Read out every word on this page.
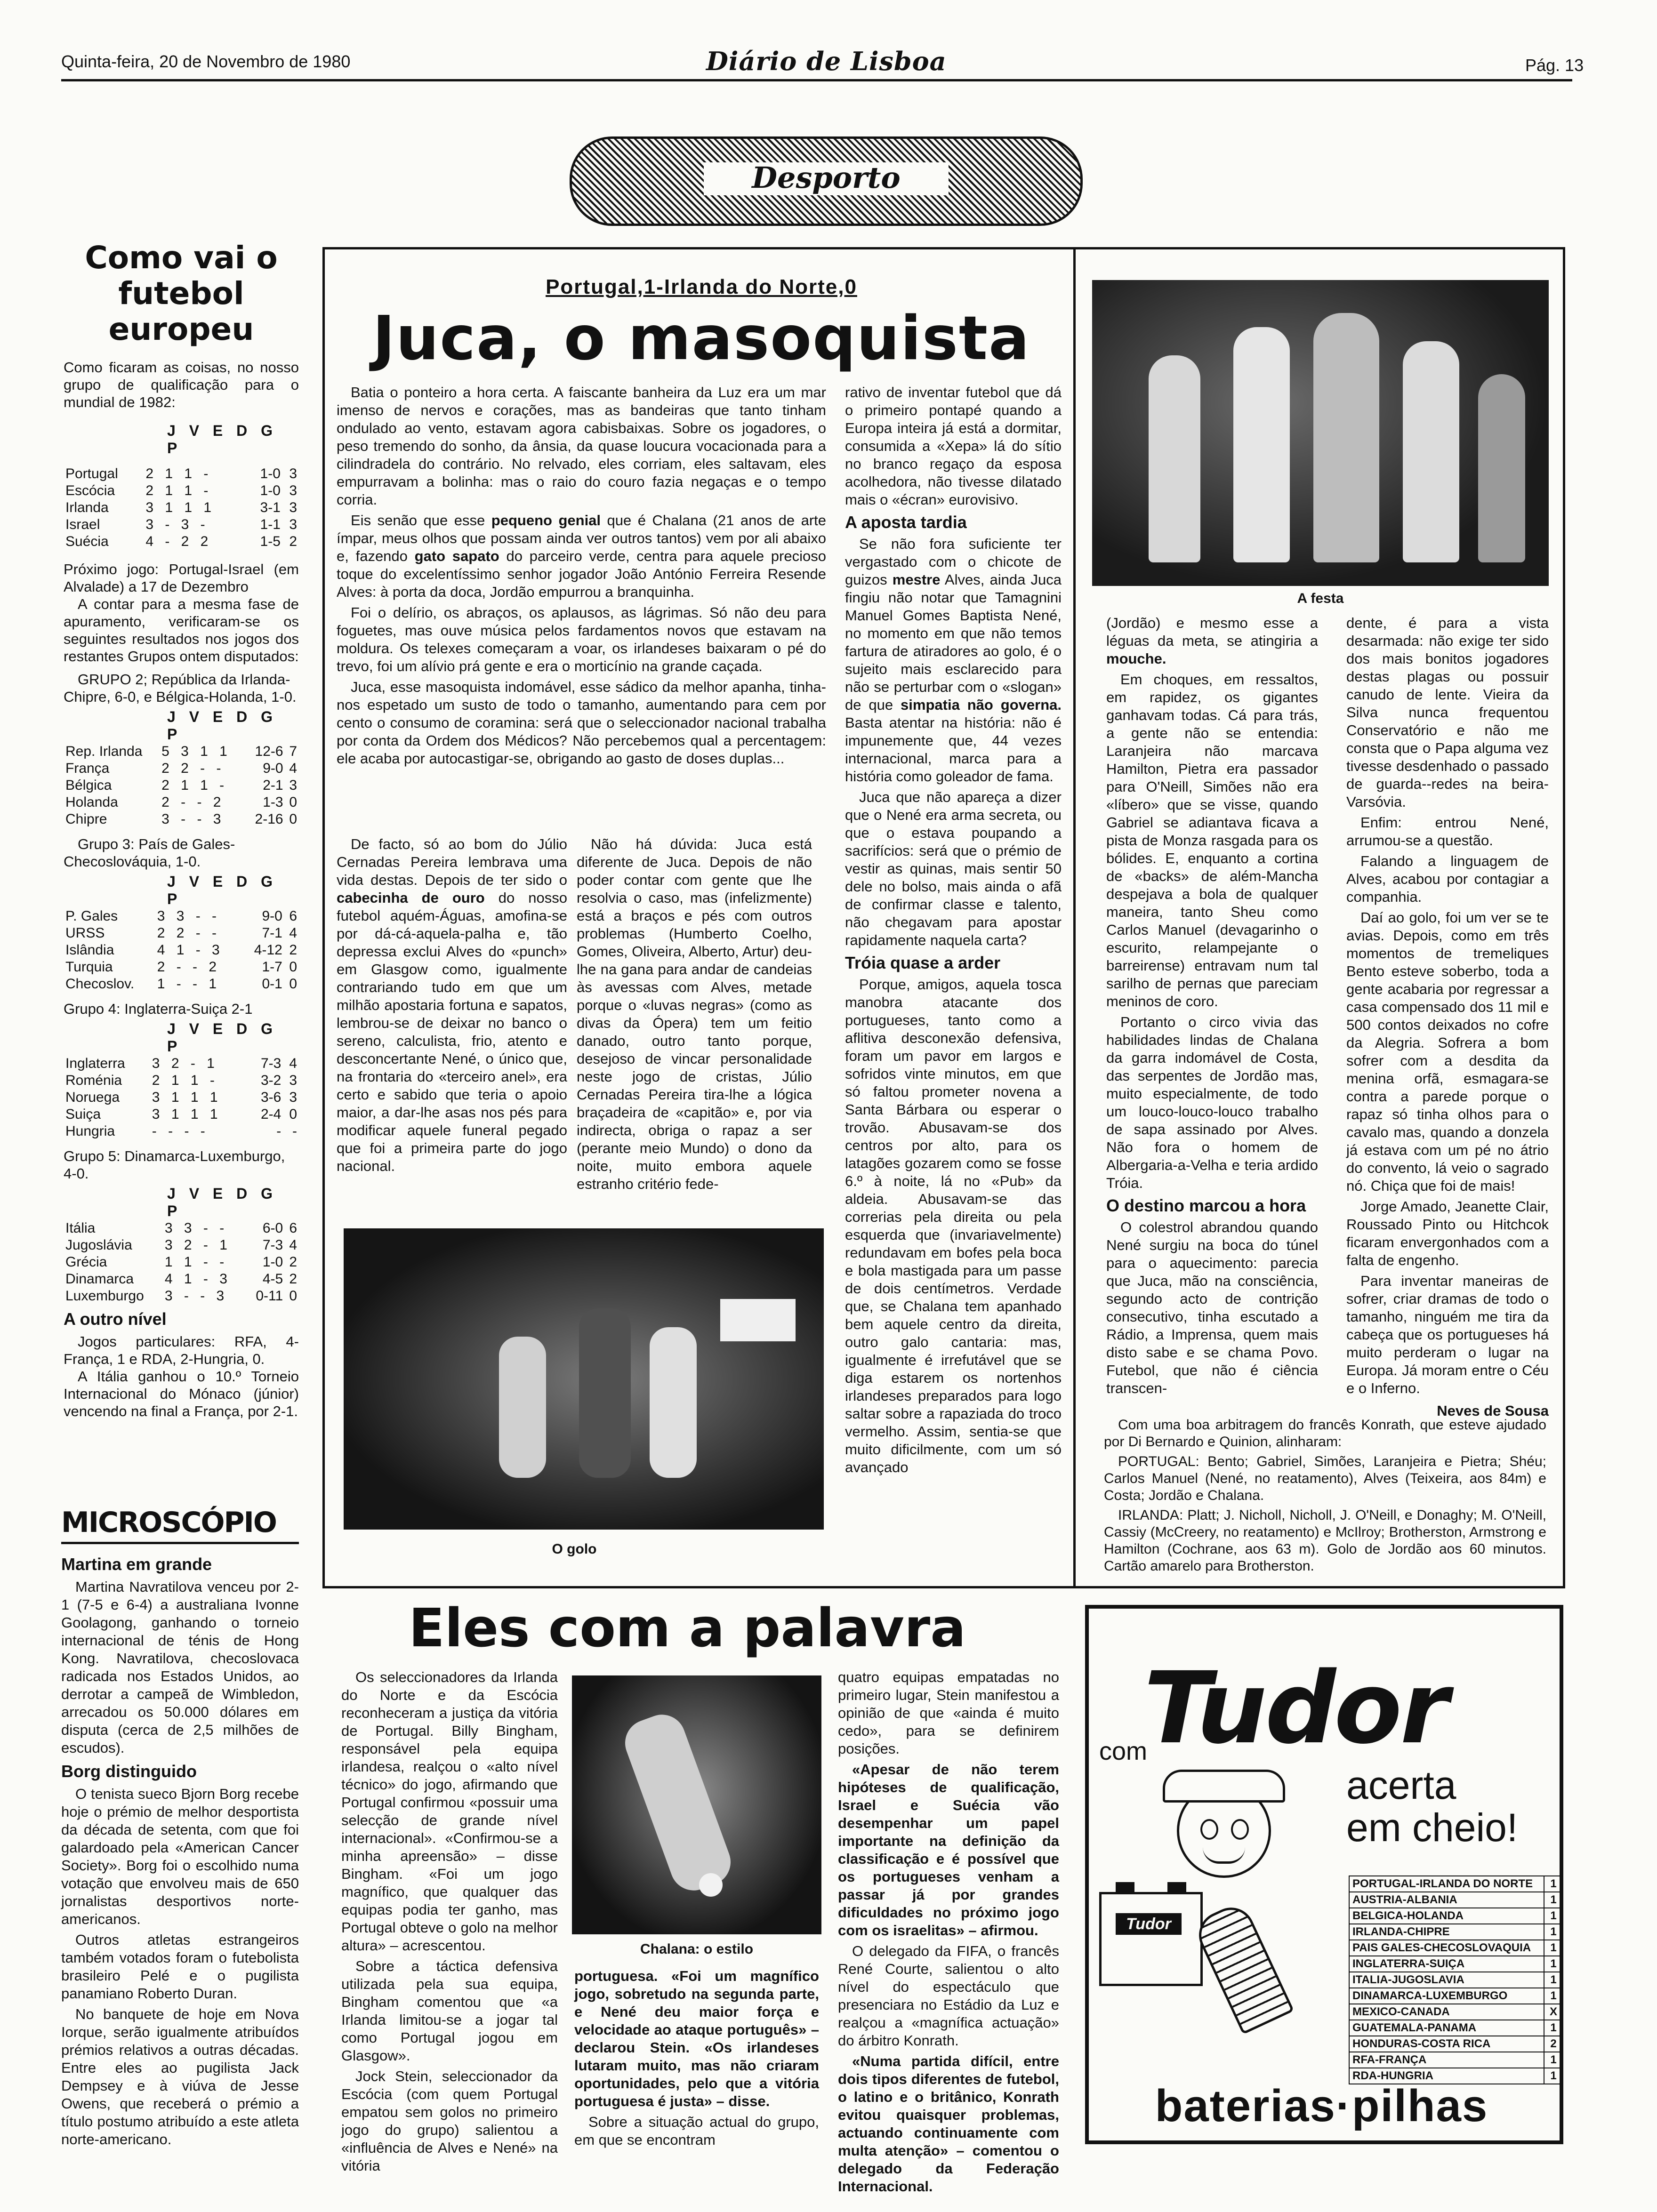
Quinta-feira, 20 de Novembro de 1980	Diário de Lisboa	Pág. 13
Desporto
Como vai o futebol europeu
Como ficaram as coisas, no nosso grupo de qualificação para o mundial de 1982:
J V E D G P
Portugal	2 1 1 -	1-0	3
Escócia	2 1 1 -	1-0	3
Irlanda	3 1 1 1	3-1	3
Israel	3 - 3 -	1-1	3
Suécia	4 - 2 2	1-5	2
Próximo jogo: Portugal-Israel (em Alvalade) a 17 de Dezembro
A contar para a mesma fase de apuramento, verificaram-se os seguintes resultados nos jogos dos restantes Grupos ontem disputados:
GRUPO 2; República da Irlanda-Chipre, 6-0, e Bélgica-Holanda, 1-0.
J V E D G P
Rep. Irlanda	5 3 1 1	12-6	7
França	2 2 - -	9-0	4
Bélgica	2 1 1 -	2-1	3
Holanda	2 - - 2	1-3	0
Chipre	3 - - 3	2-16	0
Grupo 3: País de Gales-Checoslováquia, 1-0.
J V E D G P
P. Gales	3 3 - -	9-0	6
URSS	2 2 - -	7-1	4
Islândia	4 1 - 3	4-12	2
Turquia	2 - - 2	1-7	0
Checoslov.	1 - - 1	0-1	0
Grupo 4: Inglaterra-Suiça 2-1
J V E D G P
Inglaterra	3 2 - 1	7-3	4
Roménia	2 1 1 -	3-2	3
Noruega	3 1 1 1	3-6	3
Suiça	3 1 1 1	2-4	0
Hungria	- - - -	-	-
Grupo 5: Dinamarca-Luxemburgo, 4-0.
J V E D G P
Itália	3 3 - -	6-0	6
Jugoslávia	3 2 - 1	7-3	4
Grécia	1 1 - -	1-0	2
Dinamarca	4 1 - 3	4-5	2
Luxemburgo	3 - - 3	0-11	0
A outro nível
Jogos particulares: RFA, 4-França, 1 e RDA, 2-Hungria, 0.
A Itália ganhou o 10.º Torneio Internacional do Mónaco (júnior) vencendo na final a França, por 2-1.
MICROSCÓPIO
Martina em grande

Martina Navratilova venceu por 2-1 (7-5 e 6-4) a australiana Ivonne Goolagong, ganhando o torneio internacional de ténis de Hong Kong. Navratilova, checoslovaca radicada nos Estados Unidos, ao derrotar a campeã de Wimbledon, arrecadou os 50.000 dólares em disputa (cerca de 2,5 milhões de escudos).

Borg distinguido

O tenista sueco Bjorn Borg recebe hoje o prémio de melhor desportista da década de setenta, com que foi galardoado pela «American Cancer Society». Borg foi o escolhido numa votação que envolveu mais de 650 jornalistas desportivos norte-americanos.

Outros atletas estrangeiros também votados foram o futebolista brasileiro Pelé e o pugilista panamiano Roberto Duran.

No banquete de hoje em Nova Iorque, serão igualmente atribuídos prémios relativos a outras décadas. Entre eles ao pugilista Jack Dempsey e à viúva de Jesse Owens, que receberá o prémio a título postumo atribuído a este atleta norte-americano.

Portugal,1-Irlanda do Norte,0
Juca, o masoquista

Batia o ponteiro a hora certa. A faiscante banheira da Luz era um mar imenso de nervos e corações, mas as bandeiras que tanto tinham ondulado ao vento, estavam agora cabisbaixas. Sobre os jogadores, o peso tremendo do sonho, da ânsia, da quase loucura vocacionada para a cilindradela do contrário. No relvado, eles corriam, eles saltavam, eles empurravam a bolinha: mas o raio do couro fazia negaças e o tempo corria.

Eis senão que esse pequeno genial que é Chalana (21 anos de arte ímpar, meus olhos que possam ainda ver outros tantos) vem por ali abaixo e, fazendo gato sapato do parceiro verde, centra para aquele precioso toque do excelentíssimo senhor jogador João António Ferreira Resende Alves: à porta da doca, Jordão empurrou a branquinha.

Foi o delírio, os abraços, os aplausos, as lágrimas. Só não deu para foguetes, mas ouve música pelos fardamentos novos que estavam na moldura. Os telexes começaram a voar, os irlandeses baixaram o pé do trevo, foi um alívio prá gente e era o morticínio na grande caçada.

Juca, esse masoquista indomável, esse sádico da melhor apanha, tinha-nos espetado um susto de todo o tamanho, aumentando para cem por cento o consumo de coramina: será que o seleccionador nacional trabalha por conta da Ordem dos Médicos? Não percebemos qual a percentagem: ele acaba por autocastigar-se, obrigando ao gasto de doses duplas...

De facto, só ao bom do Júlio Cernadas Pereira lembrava uma vida destas. Depois de ter sido o cabecinha de ouro do nosso futebol aquém-Águas, amofina-se por dá-cá-aquela-palha e, tão depressa exclui Alves do «punch» em Glasgow como, igualmente contrariando tudo em que um milhão apostaria fortuna e sapatos, lembrou-se de deixar no banco o sereno, calculista, frio, atento e desconcertante Nené, o único que, na frontaria do «terceiro anel», era certo e sabido que teria o apoio maior, a dar-lhe asas nos pés para modificar aquele funeral pegado que foi a primeira parte do jogo nacional.

Não há dúvida: Juca está diferente de Juca. Depois de não poder contar com gente que lhe resolvia o caso, mas (infelizmente) está a braços e pés com outros problemas (Humberto Coelho, Gomes, Oliveira, Alberto, Artur) deu-lhe na gana para andar de candeias às avessas com Alves, metade porque o «luvas negras» (como as divas da Ópera) tem um feitio danado, outro tanto porque, desejoso de vincar personalidade neste jogo de cristas, Júlio Cernadas Pereira tira-lhe a lógica braçadeira de «capitão» e, por via indirecta, obriga o rapaz a ser (perante meio Mundo) o dono da noite, muito embora aquele estranho critério fede-

rativo de inventar futebol que dá o primeiro pontapé quando a Europa inteira já está a dormitar, consumida a «Xepa» lá do sítio no branco regaço da esposa acolhedora, não tivesse dilatado mais o «écran» eurovisivo.

A aposta tardia

Se não fora suficiente ter vergastado com o chicote de guizos mestre Alves, ainda Juca fingiu não notar que Tamagnini Manuel Gomes Baptista Nené, no momento em que não temos fartura de atiradores ao golo, é o sujeito mais esclarecido para não se perturbar com o «slogan» de que simpatia não governa. Basta atentar na história: não é impunemente que, 44 vezes internacional, marca para a história como goleador de fama.

Juca que não apareça a dizer que o Nené era arma secreta, ou que o estava poupando a sacrifícios: será que o prémio de vestir as quinas, mais sentir 50 dele no bolso, mais ainda o afã de confirmar classe e talento, não chegavam para apostar rapidamente naquela carta?

Tróia quase a arder

Porque, amigos, aquela tosca manobra atacante dos portugueses, tanto como a aflitiva desconexão defensiva, foram um pavor em largos e sofridos vinte minutos, em que só faltou prometer novena a Santa Bárbara ou esperar o trovão. Abusavam-se dos centros por alto, para os latagões gozarem como se fosse 6.º à noite, lá no «Pub» da aldeia. Abusavam-se das correrias pela direita ou pela esquerda que (invariavelmente) redundavam em bofes pela boca e bola mastigada para um passe de dois centímetros. Verdade que, se Chalana tem apanhado bem aquele centro da direita, outro galo cantaria: mas, igualmente é irrefutável que se diga estarem os nortenhos irlandeses preparados para logo saltar sobre a rapaziada do troco vermelho. Assim, sentia-se que muito dificilmente, com um só avançado

A festa

(Jordão) e mesmo esse a léguas da meta, se atingiria a mouche.

Em choques, em ressaltos, em rapidez, os gigantes ganhavam todas. Cá para trás, a gente não se entendia: Laranjeira não marcava Hamilton, Pietra era passador para O'Neill, Simões não era «líbero» que se visse, quando Gabriel se adiantava ficava a pista de Monza rasgada para os bólides. E, enquanto a cortina de «backs» de além-Mancha despejava a bola de qualquer maneira, tanto Sheu como Carlos Manuel (devagarinho o escurito, relampejante o barreirense) entravam num tal sarilho de pernas que pareciam meninos de coro.

Portanto o circo vivia das habilidades lindas de Chalana da garra indomável de Costa, das serpentes de Jordão mas, muito especialmente, de todo um louco-louco-louco trabalho de sapa assinado por Alves. Não fora o homem de Albergaria-a-Velha e teria ardido Tróia.

O destino marcou a hora

O colestrol abrandou quando Nené surgiu na boca do túnel para o aquecimento: parecia que Juca, mão na consciência, segundo acto de contrição consecutivo, tinha escutado a Rádio, a Imprensa, quem mais disto sabe e se chama Povo. Futebol, que não é ciência transcen-

dente, é para a vista desarmada: não exige ter sido dos mais bonitos jogadores destas plagas ou possuir canudo de lente. Vieira da Silva nunca frequentou Conservatório e não me consta que o Papa alguma vez tivesse desdenhado o passado de guarda--redes na beira-Varsóvia.

Enfim: entrou Nené, arrumou-se a questão.

Falando a linguagem de Alves, acabou por contagiar a companhia.

Daí ao golo, foi um ver se te avias. Depois, como em três momentos de tremeliques Bento esteve soberbo, toda a gente acabaria por regressar a casa compensado dos 11 mil e 500 contos deixados no cofre da Alegria. Sofrera a bom sofrer com a desdita da menina orfã, esmagara-se contra a parede porque o rapaz só tinha olhos para o cavalo mas, quando a donzela já estava com um pé no átrio do convento, lá veio o sagrado nó. Chiça que foi de mais!

Jorge Amado, Jeanette Clair, Roussado Pinto ou Hitchcok ficaram envergonhados com a falta de engenho.

Para inventar maneiras de sofrer, criar dramas de todo o tamanho, ninguém me tira da cabeça que os portugueses há muito perderam o lugar na Europa. Já moram entre o Céu e o Inferno.

Neves de Sousa
O golo

Com uma boa arbitragem do francês Konrath, que esteve ajudado por Di Bernardo e Quinion, alinharam:

PORTUGAL: Bento; Gabriel, Simões, Laranjeira e Pietra; Shéu; Carlos Manuel (Nené, no reatamento), Alves (Teixeira, aos 84m) e Costa; Jordão e Chalana.

IRLANDA: Platt; J. Nicholl, Nicholl, J. O'Neill, e Donaghy; M. O'Neill, Cassiy (McCreery, no reatamento) e McIlroy; Brotherston, Armstrong e Hamilton (Cochrane, aos 63 m). Golo de Jordão aos 60 minutos. Cartão amarelo para Brotherston.

Eles com a palavra

Os seleccionadores da Irlanda do Norte e da Escócia reconheceram a justiça da vitória de Portugal. Billy Bingham, responsável pela equipa irlandesa, realçou o «alto nível técnico» do jogo, afirmando que Portugal confirmou «possuir uma selecção de grande nível internacional». «Confirmou-se a minha apreensão» – disse Bingham. «Foi um jogo magnífico, que qualquer das equipas podia ter ganho, mas Portugal obteve o golo na melhor altura» – acrescentou.

Sobre a táctica defensiva utilizada pela sua equipa, Bingham comentou que «a Irlanda limitou-se a jogar tal como Portugal jogou em Glasgow».

Jock Stein, seleccionador da Escócia (com quem Portugal empatou sem golos no primeiro jogo do grupo) salientou a «influência de Alves e Nené» na vitória

Chalana: o estilo

portuguesa. «Foi um magnífico jogo, sobretudo na segunda parte, e Nené deu maior força e velocidade ao ataque português» – declarou Stein. «Os irlandeses lutaram muito, mas não criaram oportunidades, pelo que a vitória portuguesa é justa» – disse.

Sobre a situação actual do grupo, em que se encontram

quatro equipas empatadas no primeiro lugar, Stein manifestou a opinião de que «ainda é muito cedo», para se definirem posições.

«Apesar de não terem hipóteses de qualificação, Israel e Suécia vão desempenhar um papel importante na definição da classificação e é possível que os portugueses venham a passar já por grandes dificuldades no próximo jogo com os israelitas» – afirmou.

O delegado da FIFA, o francês René Courte, salientou o alto nível do espectáculo que presenciara no Estádio da Luz e realçou a «magnífica actuação» do árbitro Konrath.

«Numa partida difícil, entre dois tipos diferentes de futebol, o latino e o britânico, Konrath evitou quaisquer problemas, actuando continuamente com multa atenção» – comentou o delegado da Federação Internacional.

com
Tudor
acerta
em cheio!
Tudor
PORTUGAL-IRLANDA DO NORTE	1
AUSTRIA-ALBANIA	1
BELGICA-HOLANDA	1
IRLANDA-CHIPRE	1
PAIS GALES-CHECOSLOVAQUIA	1
INGLATERRA-SUIÇA	1
ITALIA-JUGOSLAVIA	1
DINAMARCA-LUXEMBURGO	1
MEXICO-CANADA	X
GUATEMALA-PANAMA	1
HONDURAS-COSTA RICA	2
RFA-FRANÇA	1
RDA-HUNGRIA	1
baterias·pilhas
